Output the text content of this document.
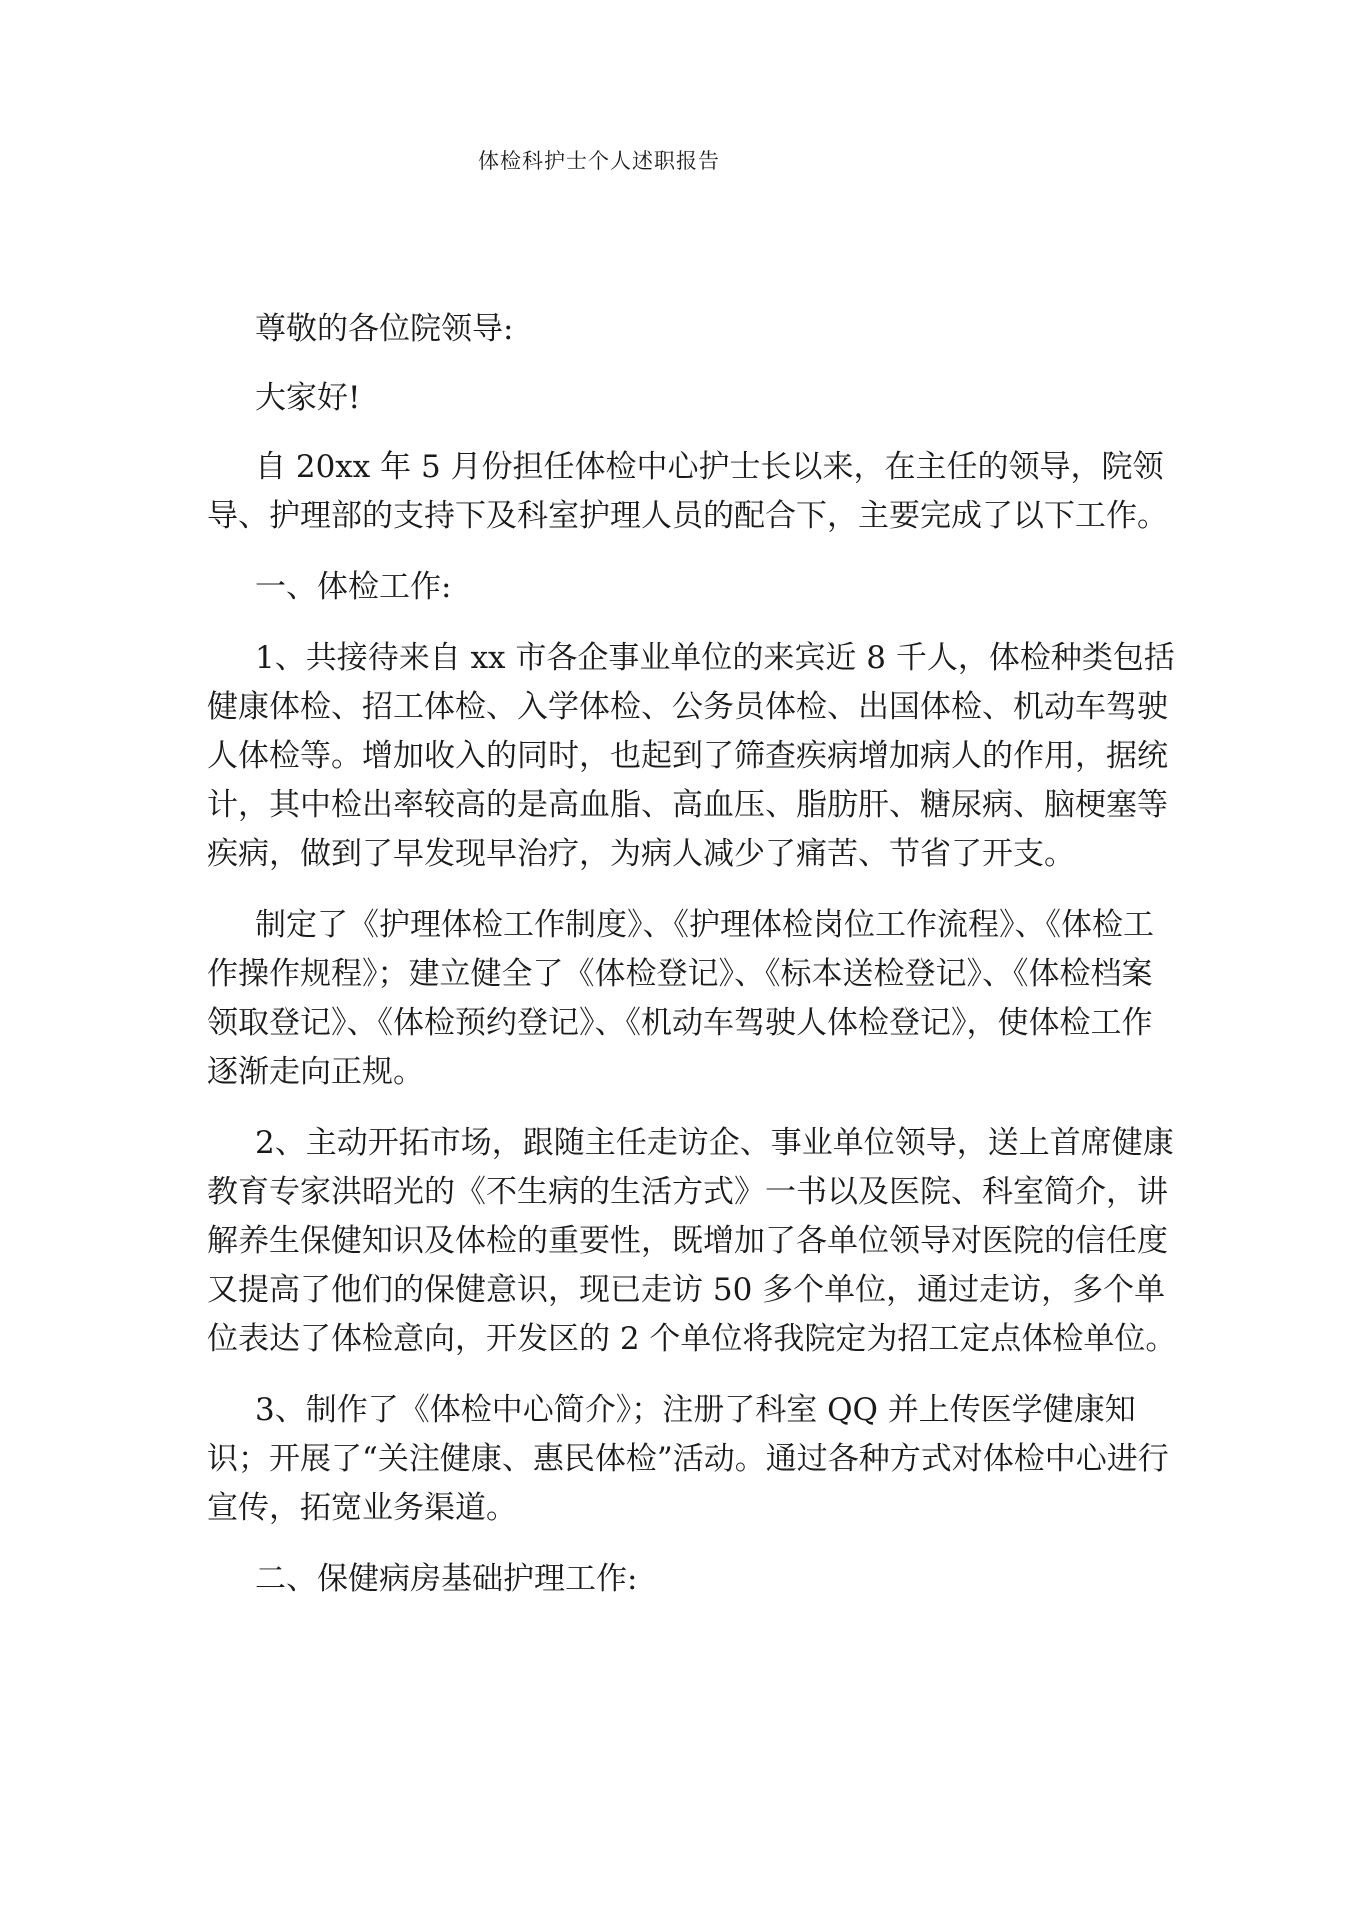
体检科护士个人述职报告

尊敬的各位院领导:

大家好!

自 20xx 年 5 月份担任体检中心护士长以来，在主任的领导，院领导、护理部的支持下及科室护理人员的配合下，主要完成了以下工作。

一、体检工作:

1、共接待来自 xx 市各企事业单位的来宾近 8 千人，体检种类包括健康体检、招工体检、入学体检、公务员体检、出国体检、机动车驾驶人体检等。增加收入的同时，也起到了筛查疾病增加病人的作用，据统计，其中检出率较高的是高血脂、高血压、脂肪肝、糖尿病、脑梗塞等疾病，做到了早发现早治疗，为病人减少了痛苦、节省了开支。

制定了《护理体检工作制度》、《护理体检岗位工作流程》、《体检工作操作规程》；建立健全了《体检登记》、《标本送检登记》、《体检档案领取登记》、《体检预约登记》、《机动车驾驶人体检登记》，使体检工作逐渐走向正规。

2、主动开拓市场，跟随主任走访企、事业单位领导，送上首席健康教育专家洪昭光的《不生病的生活方式》一书以及医院、科室简介，讲解养生保健知识及体检的重要性，既增加了各单位领导对医院的信任度又提高了他们的保健意识，现已走访 50 多个单位，通过走访，多个单位表达了体检意向，开发区的 2 个单位将我院定为招工定点体检单位。

3、制作了《体检中心简介》；注册了科室 QQ 并上传医学健康知识；开展了“关注健康、惠民体检”活动。通过各种方式对体检中心进行宣传，拓宽业务渠道。

二、保健病房基础护理工作:
